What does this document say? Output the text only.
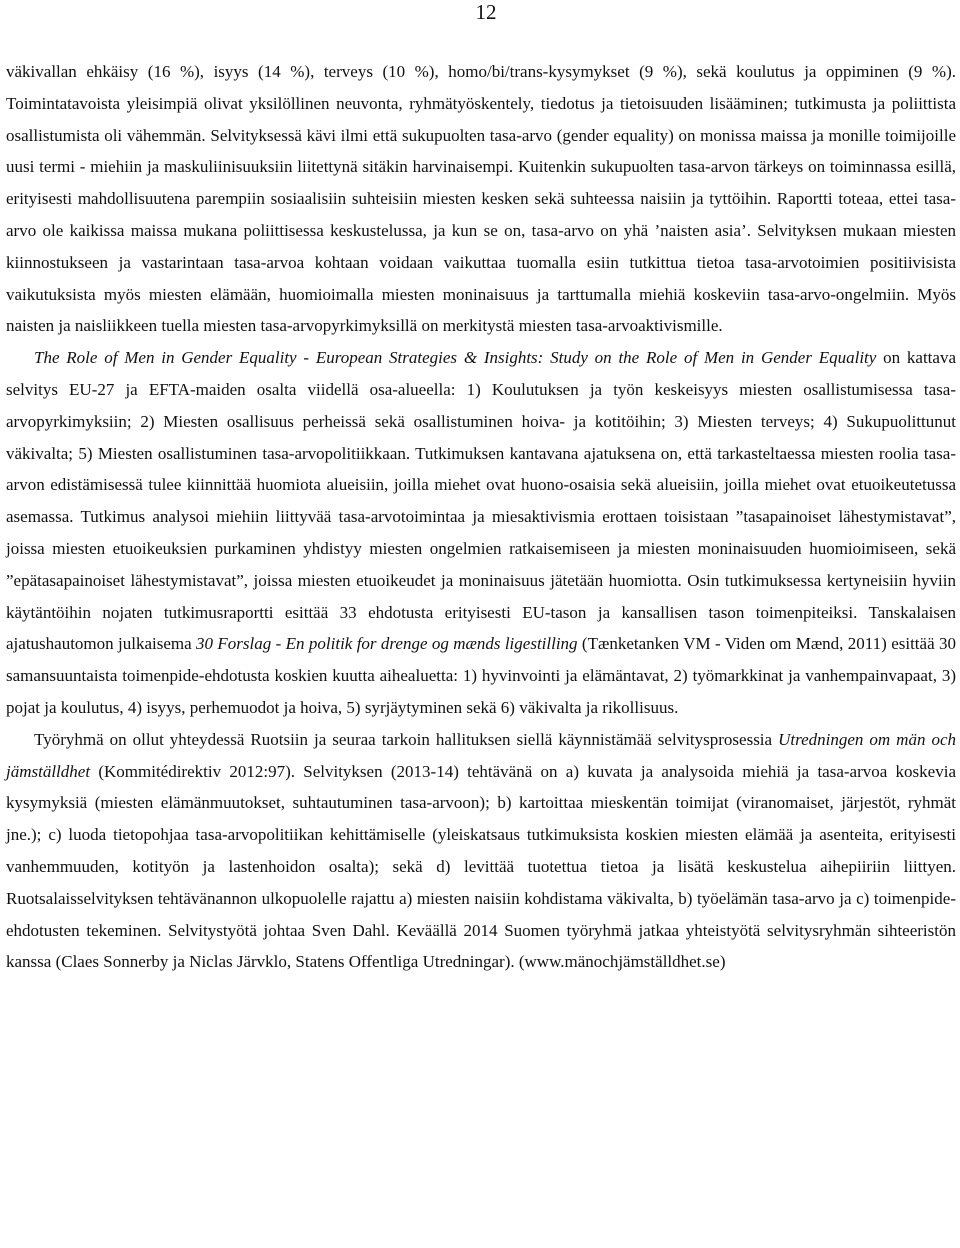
12

väkivallan ehkäisy (16 %), isyys (14 %), terveys (10 %), homo/bi/trans-kysymykset (9 %), sekä koulutus ja oppiminen (9 %). Toimintatavoista yleisimpiä olivat yksilöllinen neuvonta, ryhmätyöskentely, tiedotus ja tietoisuuden lisääminen; tutkimusta ja poliittista osallistumista oli vähemmän. Selvityksessä kävi ilmi että sukupuolten tasa-arvo (gender equality) on monissa maissa ja monille toimijoille uusi termi - miehiin ja maskuliinisuuksiin liitettynä sitäkin harvinaisempi. Kuitenkin sukupuolten tasa-arvon tärkeys on toiminnassa esillä, erityisesti mahdollisuutena parempiin sosiaalisiin suhteisiin miesten kesken sekä suhteessa naisiin ja tyttöihin. Raportti toteaa, ettei tasa-arvo ole kaikissa maissa mukana poliittisessa keskustelussa, ja kun se on, tasa-arvo on yhä ’naisten asia’. Selvityksen mukaan miesten kiinnostukseen ja vastarintaan tasa-arvoa kohtaan voidaan vaikuttaa tuomalla esiin tutkittua tietoa tasa-arvotoimien positiivisista vaikutuksista myös miesten elämään, huomioimalla miesten moninaisuus ja tarttumalla miehiä koskeviin tasa-arvo-ongelmiin. Myös naisten ja naisliikkeen tuella miesten tasa-arvopyrkimyksillä on merkitystä miesten tasa-arvoaktivismille.

The Role of Men in Gender Equality - European Strategies & Insights: Study on the Role of Men in Gender Equality on kattava selvitys EU-27 ja EFTA-maiden osalta viidellä osa-alueella: 1) Koulutuksen ja työn keskeisyys miesten osallistumisessa tasa-arvopyrkimyksiin; 2) Miesten osallisuus perheissä sekä osallistuminen hoiva- ja kotitöihin; 3) Miesten terveys; 4) Sukupuolittunut väkivalta; 5) Miesten osallistuminen tasa-arvopolitiikkaan. Tutkimuksen kantavana ajatuksena on, että tarkasteltaessa miesten roolia tasa-arvon edistämisessä tulee kiinnittää huomiota alueisiin, joilla miehet ovat huono-osaisia sekä alueisiin, joilla miehet ovat etuoikeutetussa asemassa. Tutkimus analysoi miehiin liittyvää tasa-arvotoimintaa ja miesaktivismia erottaen toisistaan ”tasapainoiset lähestymistavat”, joissa miesten etuoikeuksien purkaminen yhdistyy miesten ongelmien ratkaisemiseen ja miesten moninaisuuden huomioimiseen, sekä ”epätasapainoiset lähestymistavat”, joissa miesten etuoikeudet ja moninaisuus jätetään huomiotta. Osin tutkimuksessa kertyneisiin hyviin käytäntöihin nojaten tutkimusraportti esittää 33 ehdotusta erityisesti EU-tason ja kansallisen tason toimenpiteiksi. Tanskalaisen ajatushautomon julkaisema 30 Forslag - En politik for drenge og mænds ligestilling (Tænketanken VM - Viden om Mænd, 2011) esittää 30 samansuuntaista toimenpide-ehdotusta koskien kuutta aihealuetta: 1) hyvinvointi ja elämäntavat, 2) työmarkkinat ja vanhempainvapaat, 3) pojat ja koulutus, 4) isyys, perhemuodot ja hoiva, 5) syrjäytyminen sekä 6) väkivalta ja rikollisuus.

Työryhmä on ollut yhteydessä Ruotsiin ja seuraa tarkoin hallituksen siellä käynnistämää selvitysprosessia Utredningen om män och jämställdhet (Kommitédirektiv 2012:97). Selvityksen (2013-14) tehtävänä on a) kuvata ja analysoida miehiä ja tasa-arvoa koskevia kysymyksiä (miesten elämänmuutokset, suhtautuminen tasa-arvoon); b) kartoittaa mieskentän toimijat (viranomaiset, järjestöt, ryhmät jne.); c) luoda tietopohjaa tasa-arvopolitiikan kehittämiselle (yleiskatsaus tutkimuksista koskien miesten elämää ja asenteita, erityisesti vanhemmuuden, kotityön ja lastenhoidon osalta); sekä d) levittää tuotettua tietoa ja lisätä keskustelua aihepiiriin liittyen. Ruotsalaisselvityksen tehtävänannon ulkopuolelle rajattu a) miesten naisiin kohdistama väkivalta, b) työelämän tasa-arvo ja c) toimenpide-ehdotusten tekeminen. Selvitystyötä johtaa Sven Dahl. Keväällä 2014 Suomen työryhmä jatkaa yhteistyötä selvitysryhmän sihteeristön kanssa (Claes Sonnerby ja Niclas Järvklo, Statens Offentliga Utredningar). (www.mänochjämställdhet.se)
